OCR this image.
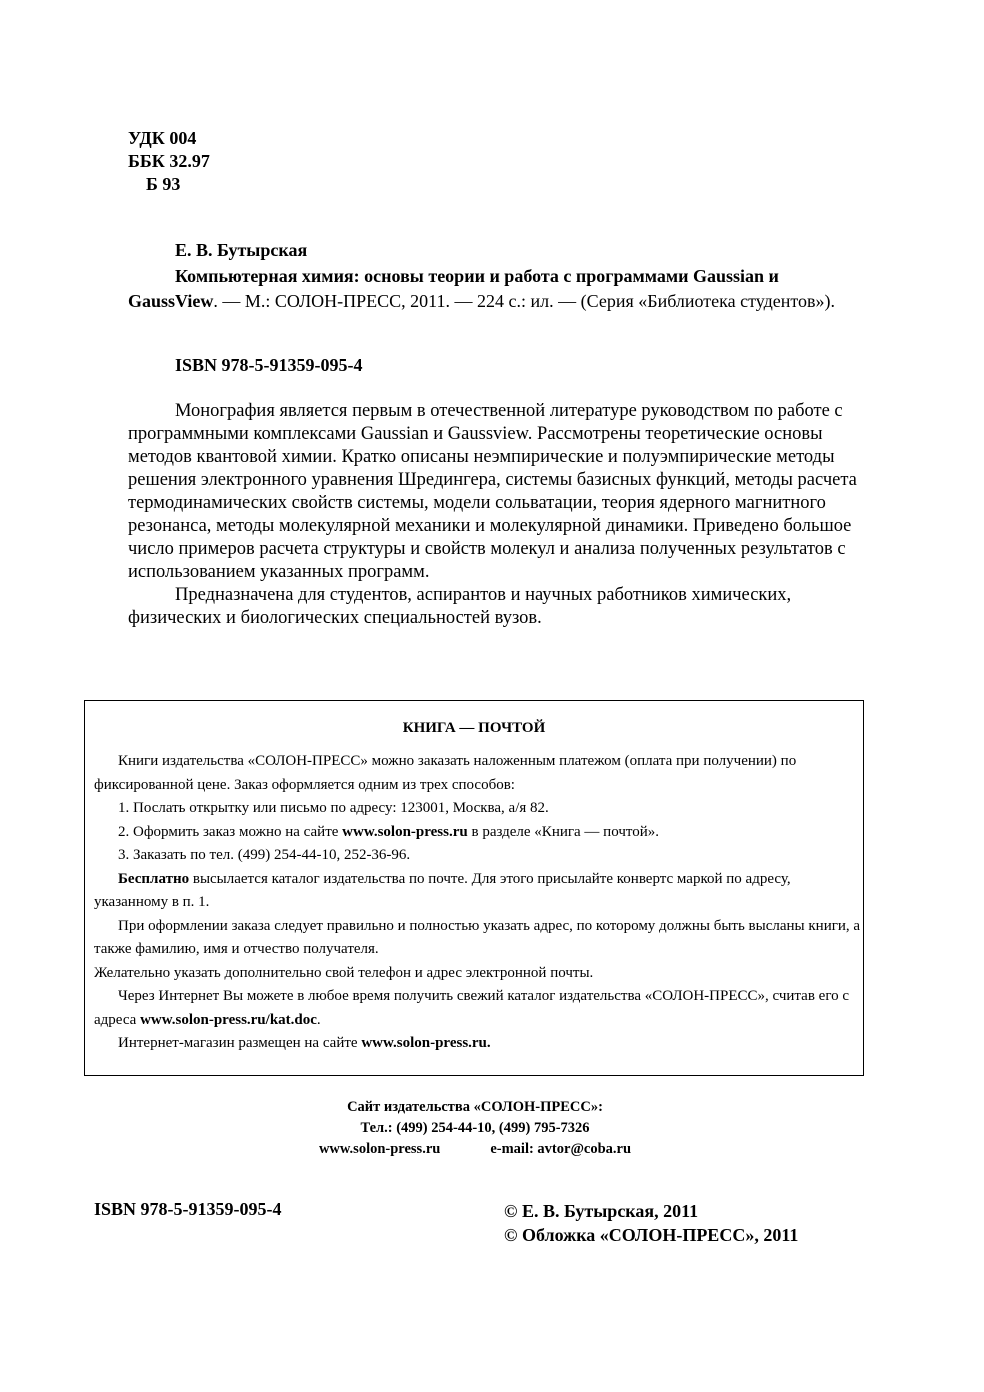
УДК 004
ББК 32.97
Б 93
Е. В. Бутырская
Компьютерная химия: основы теории и работа с программами Gaussian и GaussView. — М.: СОЛОН-ПРЕСС, 2011. — 224 с.: ил. — (Серия «Библиотека студентов»).
ISBN 978-5-91359-095-4

Монография является первым в отечественной литературе руководством по работе с программными комплексами Gaussian и Gaussview. Рассмотрены теоретические основы методов квантовой химии. Кратко описаны неэмпирические и полуэмпирические методы решения электронного уравнения Шредингера, системы базисных функций, методы расчета термодинамических свойств системы, модели сольватации, теория ядерного магнитного резонанса, методы молекулярной механики и молекулярной динамики. Приведено большое число примеров расчета структуры и свойств молекул и анализа полученных результатов с использованием указанных программ.

Предназначена для студентов, аспирантов и научных работников химических, физических и биологических специальностей вузов.

КНИГА — ПОЧТОЙ

Книги издательства «СОЛОН-ПРЕСС» можно заказать наложенным платежом (оплата при получении) по фиксированной цене. Заказ оформляется одним из трех способов:

1. Послать открытку или письмо по адресу: 123001, Москва, а/я 82.

2. Оформить заказ можно на сайте www.solon-press.ru в разделе «Книга — почтой».

3. Заказать по тел. (499) 254-44-10, 252-36-96.

Бесплатно высылается каталог издательства по почте. Для этого присылайте конвертс маркой по адресу, указанному в п. 1.

При оформлении заказа следует правильно и полностью указать адрес, по которому должны быть высланы книги, а также фамилию, имя и отчество получателя.

Желательно указать дополнительно свой телефон и адрес электронной почты.

Через Интернет Вы можете в любое время получить свежий каталог издательства «СОЛОН-ПРЕСС», считав его с адреса www.solon-press.ru/kat.doc.

Интернет-магазин размещен на сайте www.solon-press.ru.

Сайт издательства «СОЛОН-ПРЕСС»:
Тел.: (499) 254-44-10, (499) 795-7326
www.solon-press.ru	e-mail: avtor@coba.ru
ISBN 978-5-91359-095-4	© Е. В. Бутырская, 2011
© Обложка «СОЛОН-ПРЕСС», 2011
